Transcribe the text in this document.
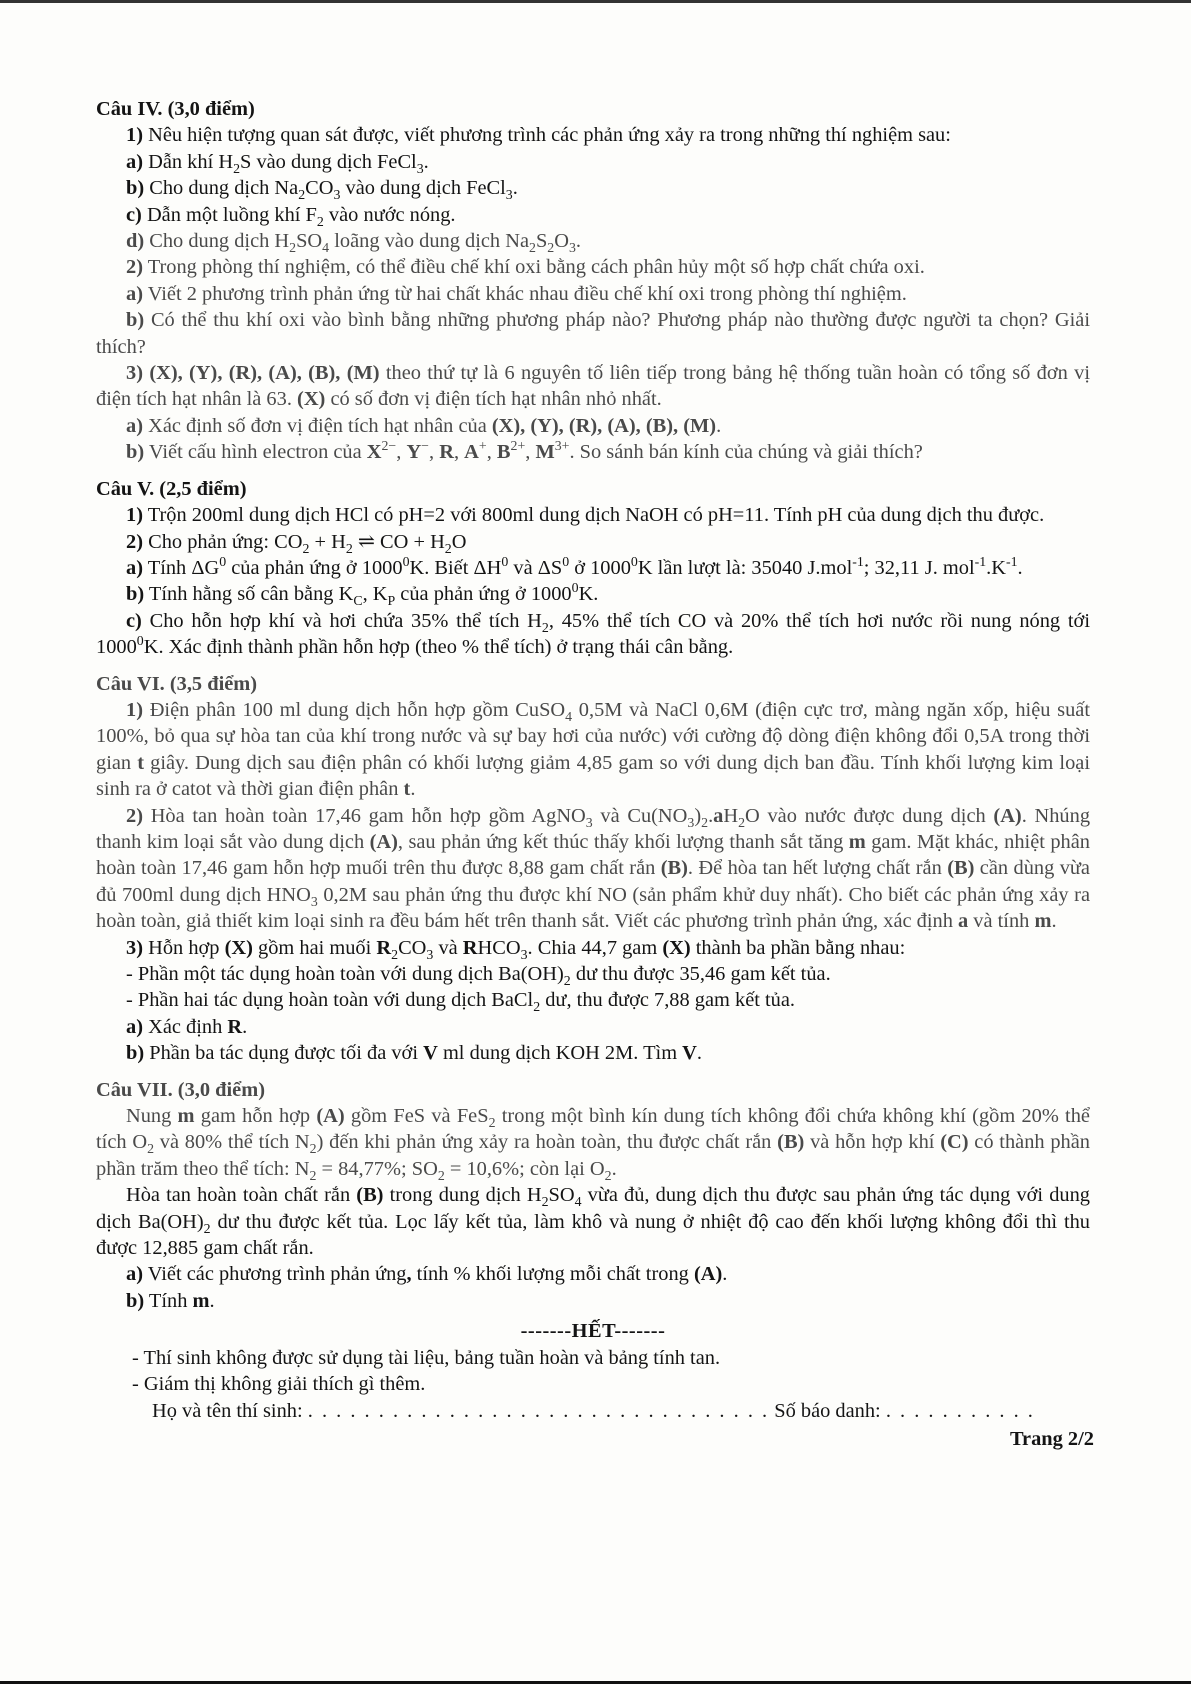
Câu IV. (3,0 điểm)
1) Nêu hiện tượng quan sát được, viết phương trình các phản ứng xảy ra trong những thí nghiệm sau:
a) Dẫn khí $H_2S$ vào dung dịch FeCl$_3$.
b) Cho dung dịch $Na_2CO_3$ vào dung dịch FeCl$_3$.
c) Dẫn một luồng khí $F_2$ vào nước nóng.
d) Cho dung dịch $H_2SO_4$ loãng vào dung dịch $Na_2S_2O_3$.
2) Trong phòng thí nghiệm, có thể điều chế khí oxi bằng cách phân hủy một số hợp chất chứa oxi.
a) Viết 2 phương trình phản ứng từ hai chất khác nhau điều chế khí oxi trong phòng thí nghiệm.
b) Có thể thu khí oxi vào bình bằng những phương pháp nào? Phương pháp nào thường được người ta chọn? Giải thích?
3) (X), (Y), (R), (A), (B), (M) theo thứ tự là 6 nguyên tố liên tiếp trong bảng hệ thống tuần hoàn có tổng số đơn vị điện tích hạt nhân là 63. (X) có số đơn vị điện tích hạt nhân nhỏ nhất.
a) Xác định số đơn vị điện tích hạt nhân của (X), (Y), (R), (A), (B), (M).
b) Viết cấu hình electron của $X^{2-}$, Y−, R, A+, $B^{2+}$, $M^{3+}$. So sánh bán kính của chúng và giải thích?
Câu V. (2,5 điểm)
1) Trộn 200ml dung dịch HCl có pH=2 với 800ml dung dịch NaOH có pH=11. Tính pH của dung dịch thu được.
2) Cho phản ứng: $CO_2 + H_2$ ⇌ CO + $H_2O$
a) Tính $\Delta G^0$ của phản ứng ở 1000$^0$K. Biết $\Delta H^0$ và $\Delta S^0$ ở 1000$^0$K lần lượt là: 35040 J.mol$^{-1}$; 32,11 J. $mol^{-1}.K^{-1}$.
b) Tính hằng số cân bằng $K_C$, $K_P$ của phản ứng ở 1000$^0$K.
c) Cho hỗn hợp khí và hơi chứa 35% thể tích $H_2$, 45% thể tích CO và 20% thể tích hơi nước rồi nung nóng tới 1000$^0$K. Xác định thành phần hỗn hợp (theo % thể tích) ở trạng thái cân bằng.
Câu VI. (3,5 điểm)
1) Điện phân 100 ml dung dịch hỗn hợp gồm CuSO$_4$ 0,5M và NaCl 0,6M (điện cực trơ, màng ngăn xốp, hiệu suất 100%, bỏ qua sự hòa tan của khí trong nước và sự bay hơi của nước) với cường độ dòng điện không đổi 0,5A trong thời gian t giây. Dung dịch sau điện phân có khối lượng giảm 4,85 gam so với dung dịch ban đầu. Tính khối lượng kim loại sinh ra ở catot và thời gian điện phân t.
2) Hòa tan hoàn toàn 17,46 gam hỗn hợp gồm AgNO$_3$ và $Cu(NO_3)_2.aH_2O$ vào nước được dung dịch (A). Nhúng thanh kim loại sắt vào dung dịch (A), sau phản ứng kết thúc thấy khối lượng thanh sắt tăng m gam. Mặt khác, nhiệt phân hoàn toàn 17,46 gam hỗn hợp muối trên thu được 8,88 gam chất rắn (B). Để hòa tan hết lượng chất rắn (B) cần dùng vừa đủ 700ml dung dịch $HNO_3$ 0,2M sau phản ứng thu được khí NO (sản phẩm khử duy nhất). Cho biết các phản ứng xảy ra hoàn toàn, giả thiết kim loại sinh ra đều bám hết trên thanh sắt. Viết các phương trình phản ứng, xác định a và tính m.
3) Hỗn hợp (X) gồm hai muối $R_2CO_3$ và $RHCO_3$. Chia 44,7 gam (X) thành ba phần bằng nhau:
- Phần một tác dụng hoàn toàn với dung dịch $Ba(OH)_2$ dư thu được 35,46 gam kết tủa.
- Phần hai tác dụng hoàn toàn với dung dịch BaCl$_2$ dư, thu được 7,88 gam kết tủa.
a) Xác định R.
b) Phần ba tác dụng được tối đa với V ml dung dịch KOH 2M. Tìm V.
Câu VII. (3,0 điểm)
Nung m gam hỗn hợp (A) gồm FeS và FeS$_2$ trong một bình kín dung tích không đổi chứa không khí (gồm 20% thể tích $O_2$ và 80% thể tích $N_2$) đến khi phản ứng xảy ra hoàn toàn, thu được chất rắn (B) và hỗn hợp khí (C) có thành phần phần trăm theo thể tích: $N_2 = 84,77\%$; $SO_2 = 10,6\%$; còn lại $O_2$.
Hòa tan hoàn toàn chất rắn (B) trong dung dịch $H_2SO_4$ vừa đủ, dung dịch thu được sau phản ứng tác dụng với dung dịch $Ba(OH)_2$ dư thu được kết tủa. Lọc lấy kết tủa, làm khô và nung ở nhiệt độ cao đến khối lượng không đổi thì thu được 12,885 gam chất rắn.
a) Viết các phương trình phản ứng, tính % khối lượng mỗi chất trong (A).
b) Tính m.
-------HẾT-------
- Thí sinh không được sử dụng tài liệu, bảng tuần hoàn và bảng tính tan.
- Giám thị không giải thích gì thêm.
Họ và tên thí sinh: . . . . . . . . . . . . . . . . . . . . . . . . . . . . . . . . . Số báo danh: . . . . . . . . . . .
Trang 2/2
